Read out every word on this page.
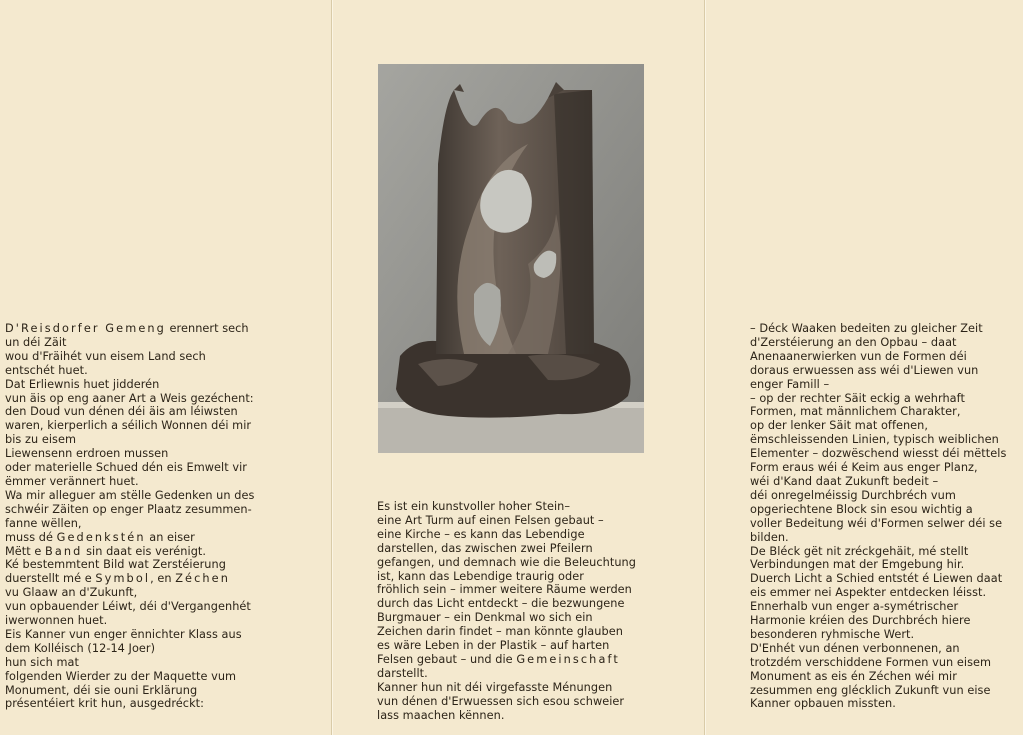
D'Reisdorfer Gemeng erennert sech

un déi Zäit

wou d'Fräihét vun eisem Land sech

entschét huet.

Dat Erliewnis huet jidderén

vun äis op eng aaner Art a Weis gezéchent:

den Doud vun dénen déi äis am léiwsten

waren, kierperlich a séilich Wonnen déi mir

bis zu eisem

Liewensenn erdroen mussen

oder materielle Schued dén eis Emwelt vir

ëmmer verännert huet.

Wa mir alleguer am stëlle Gedenken un des

schwéir Zäiten op enger Plaatz zesummen-

fanne wëllen,

muss dé Gedenkstén an eiser

Mëtt e Band sin daat eis verénigt.

Ké bestemmtent Bild wat Zerstéierung

duerstellt mé e Symbol, en Zéchen

vu Glaaw an d'Zukunft,

vun opbauender Léiwt, déi d'Vergangenhét

iwerwonnen huet.

Eis Kanner vun enger ënnichter Klass aus

dem Kolléisch (12-14 Joer)

hun sich mat

folgenden Wierder zu der Maquette vum

Monument, déi sie ouni Erklärung

présentéiert krit hun, ausgedréckt:

Es ist ein kunstvoller hoher Stein–

eine Art Turm auf einen Felsen gebaut –

eine Kirche – es kann das Lebendige

darstellen, das zwischen zwei Pfeilern

gefangen, und demnach wie die Beleuchtung

ist, kann das Lebendige traurig oder

fröhlich sein – immer weitere Räume werden

durch das Licht entdeckt – die bezwungene

Burgmauer – ein Denkmal wo sich ein

Zeichen darin findet – man könnte glauben

es wäre Leben in der Plastik – auf harten

Felsen gebaut – und die Gemeinschaft

darstellt.

Kanner hun nit déi virgefasste Ménungen

vun dénen d'Erwuessen sich esou schweier

lass maachen kënnen.

– Déck Waaken bedeiten zu gleicher Zeit

d'Zerstéierung an den Opbau – daat

Anenaanerwierken vun de Formen déi

doraus erwuessen ass wéi d'Liewen vun

enger Famill –

– op der rechter Säit eckig a wehrhaft

Formen, mat männlichem Charakter,

op der lenker Säit mat offenen,

ëmschleissenden Linien, typisch weiblichen

Elementer – dozwëschend wiesst déi mëttels

Form eraus wéi é Keim aus enger Planz,

wéi d'Kand daat Zukunft bedeit –

déi onregelméissig Durchbréch vum

opgeriechtene Block sin esou wichtig a

voller Bedeitung wéi d'Formen selwer déi se

bilden.

De Bléck gët nit zréckgehäit, mé stellt

Verbindungen mat der Emgebung hir.

Duerch Licht a Schied entstét é Liewen daat

eis emmer nei Aspekter entdecken léisst.

Ennerhalb vun enger a-symétrischer

Harmonie kréien des Durchbréch hiere

besonderen ryhmische Wert.

D'Enhét vun dénen verbonnenen, an

trotzdém verschiddene Formen vun eisem

Monument as eis én Zéchen wéi mir

zesummen eng glécklich Zukunft vun eise

Kanner opbauen missten.
